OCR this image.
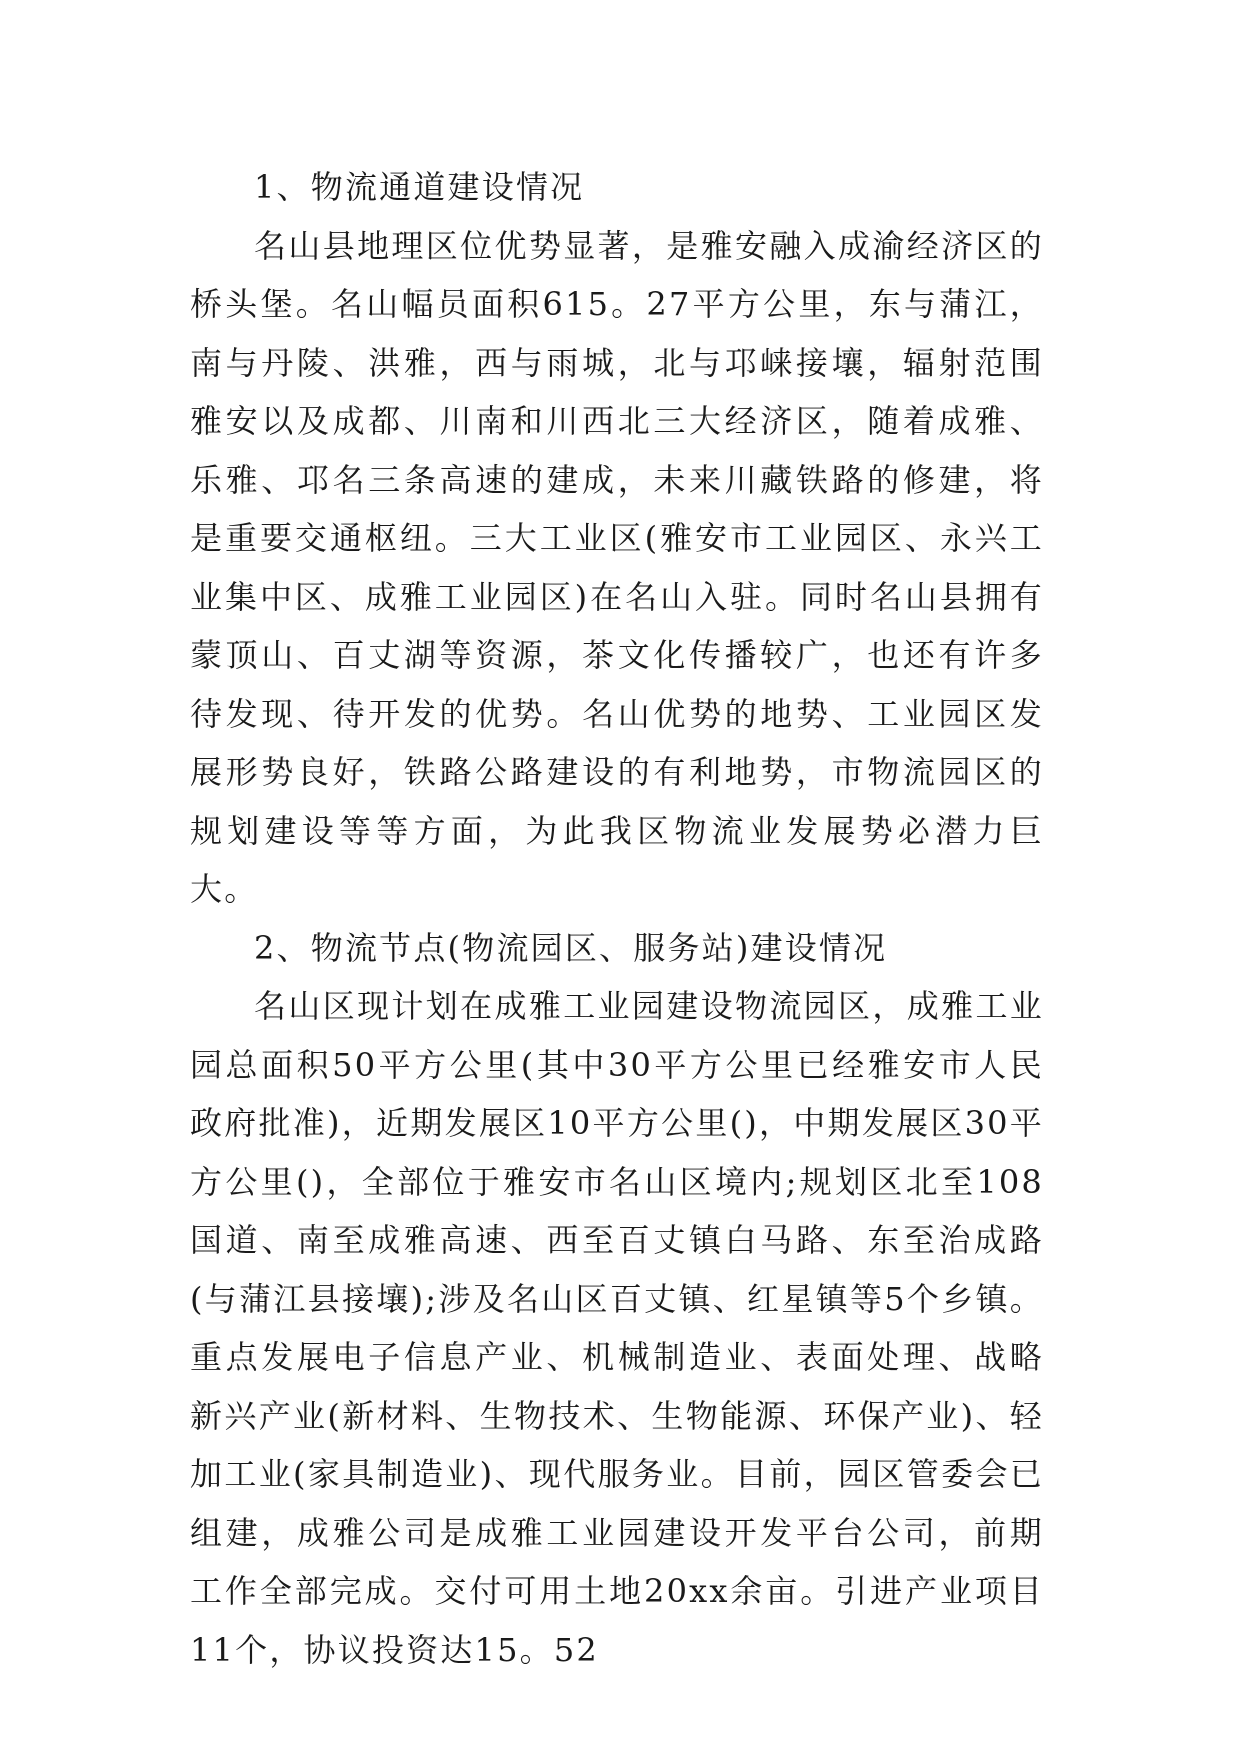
1、物流通道建设情况

名山县地理区位优势显著，是雅安融入成渝经济区的桥头堡。名山幅员面积615。27平方公里，东与蒲江，南与丹陵、洪雅，西与雨城，北与邛崃接壤，辐射范围雅安以及成都、川南和川西北三大经济区，随着成雅、乐雅、邛名三条高速的建成，未来川藏铁路的修建，将是重要交通枢纽。三大工业区(雅安市工业园区、永兴工业集中区、成雅工业园区)在名山入驻。同时名山县拥有蒙顶山、百丈湖等资源，茶文化传播较广，也还有许多待发现、待开发的优势。名山优势的地势、工业园区发展形势良好，铁路公路建设的有利地势，市物流园区的规划建设等等方面，为此我区物流业发展势必潜力巨大。

2、物流节点(物流园区、服务站)建设情况

名山区现计划在成雅工业园建设物流园区，成雅工业园总面积50平方公里(其中30平方公里已经雅安市人民政府批准)，近期发展区10平方公里()，中期发展区30平方公里()，全部位于雅安市名山区境内;规划区北至108国道、南至成雅高速、西至百丈镇白马路、东至治成路(与蒲江县接壤);涉及名山区百丈镇、红星镇等5个乡镇。重点发展电子信息产业、机械制造业、表面处理、战略新兴产业(新材料、生物技术、生物能源、环保产业)、轻加工业(家具制造业)、现代服务业。目前，园区管委会已组建，成雅公司是成雅工业园建设开发平台公司，前期工作全部完成。交付可用土地20xx余亩。引进产业项目11个，协议投资达15。52
